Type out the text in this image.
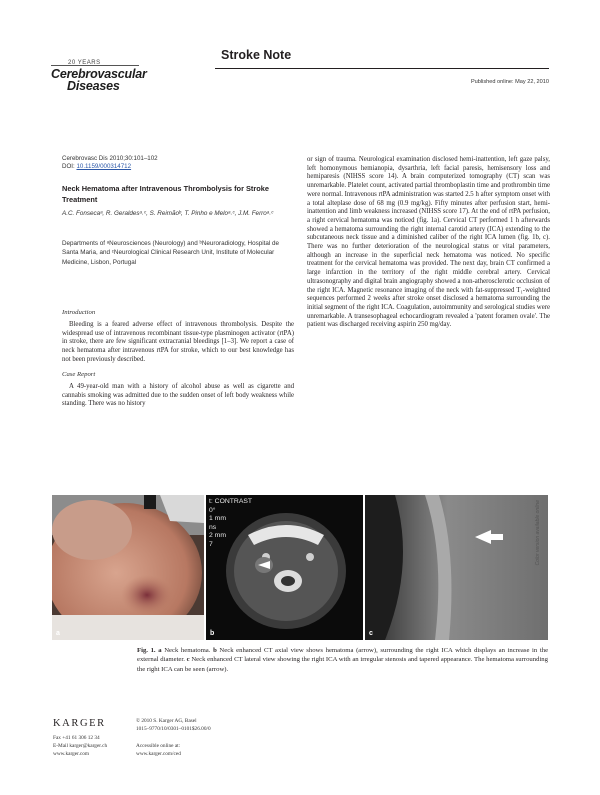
20 YEARS
Cerebrovascular
Diseases
Stroke Note
Published online: May 22, 2010
Cerebrovasc Dis 2010;30:101–102
DOI: 10.1159/000314712
Neck Hematoma after Intravenous Thrombolysis for Stroke Treatment
A.C. Fonsecaᵃ, R. Geraldesᵃ˒ᶜ, S. Reimãoᵇ, T. Pinho e Meloᵃ˒ᶜ, J.M. Ferroᵃ˒ᶜ
Departments of ᵃNeurosciences (Neurology) and ᵇNeuroradiology, Hospital de Santa Maria, and ᶜNeurological Clinical Research Unit, Institute of Molecular Medicine, Lisbon, Portugal
Introduction

Bleeding is a feared adverse effect of intravenous thrombolysis. Despite the widespread use of intravenous recombinant tissue-type plasminogen activator (rtPA) in stroke, there are few significant extracranial bleedings [1–3]. We report a case of neck hematoma after intravenous rtPA for stroke, which to our best knowledge has not been previously described.

Case Report

A 49-year-old man with a history of alcohol abuse as well as cigarette and cannabis smoking was admitted due to the sudden onset of left body weakness while standing. There was no history

or sign of trauma. Neurological examination disclosed hemi-inattention, left gaze palsy, left homonymous hemianopia, dysarthria, left facial paresis, hemisensory loss and hemiparesis (NIHSS score 14). A brain computerized tomography (CT) scan was unremarkable. Platelet count, activated partial thromboplastin time and prothrombin time were normal. Intravenous rtPA administration was started 2.5 h after symptom onset with a total alteplase dose of 68 mg (0.9 mg/kg). Fifty minutes after perfusion start, hemi-inattention and limb weakness increased (NIHSS score 17). At the end of rtPA perfusion, a right cervical hematoma was noticed (fig. 1a). Cervical CT performed 1 h afterwards showed a hematoma surrounding the right internal carotid artery (ICA) extending to the subcutaneous neck tissue and a diminished caliber of the right ICA lumen (fig. 1b, c). There was no further deterioration of the neurological status or vital parameters, although an increase in the superficial neck hematoma was noticed. No specific treatment for the cervical hematoma was provided. The next day, brain CT confirmed a large infarction in the territory of the right middle cerebral artery. Cervical ultrasonography and digital brain angiography showed a non-atherosclerotic occlusion of the right ICA. Magnetic resonance imaging of the neck with fat-suppressed T₁-weighted sequences performed 2 weeks after stroke onset disclosed a hematoma surrounding the initial segment of the right ICA. Coagulation, autoimmunity and serological studies were unremarkable. A transesophageal echocardiogram revealed a 'patent foramen ovale'. The patient was discharged receiving aspirin 250 mg/day.

a
t: CONTRAST
0°
1 mm
ns
2 mm
7
b	c
Color version available online
Fig. 1. a Neck hematoma. b Neck enhanced CT axial view shows hematoma (arrow), surrounding the right ICA which displays an increase in the external diameter. c Neck enhanced CT lateral view showing the right ICA with an irregular stenosis and tapered appearance. The hematoma surrounding the right ICA can be seen (arrow).
KARGER
Fax +41 61 306 12 34
E-Mail karger@karger.ch
www.karger.com
© 2010 S. Karger AG, Basel
1015–9770/10/0301–0101$26.00/0
Accessible online at:
www.karger.com/ced
